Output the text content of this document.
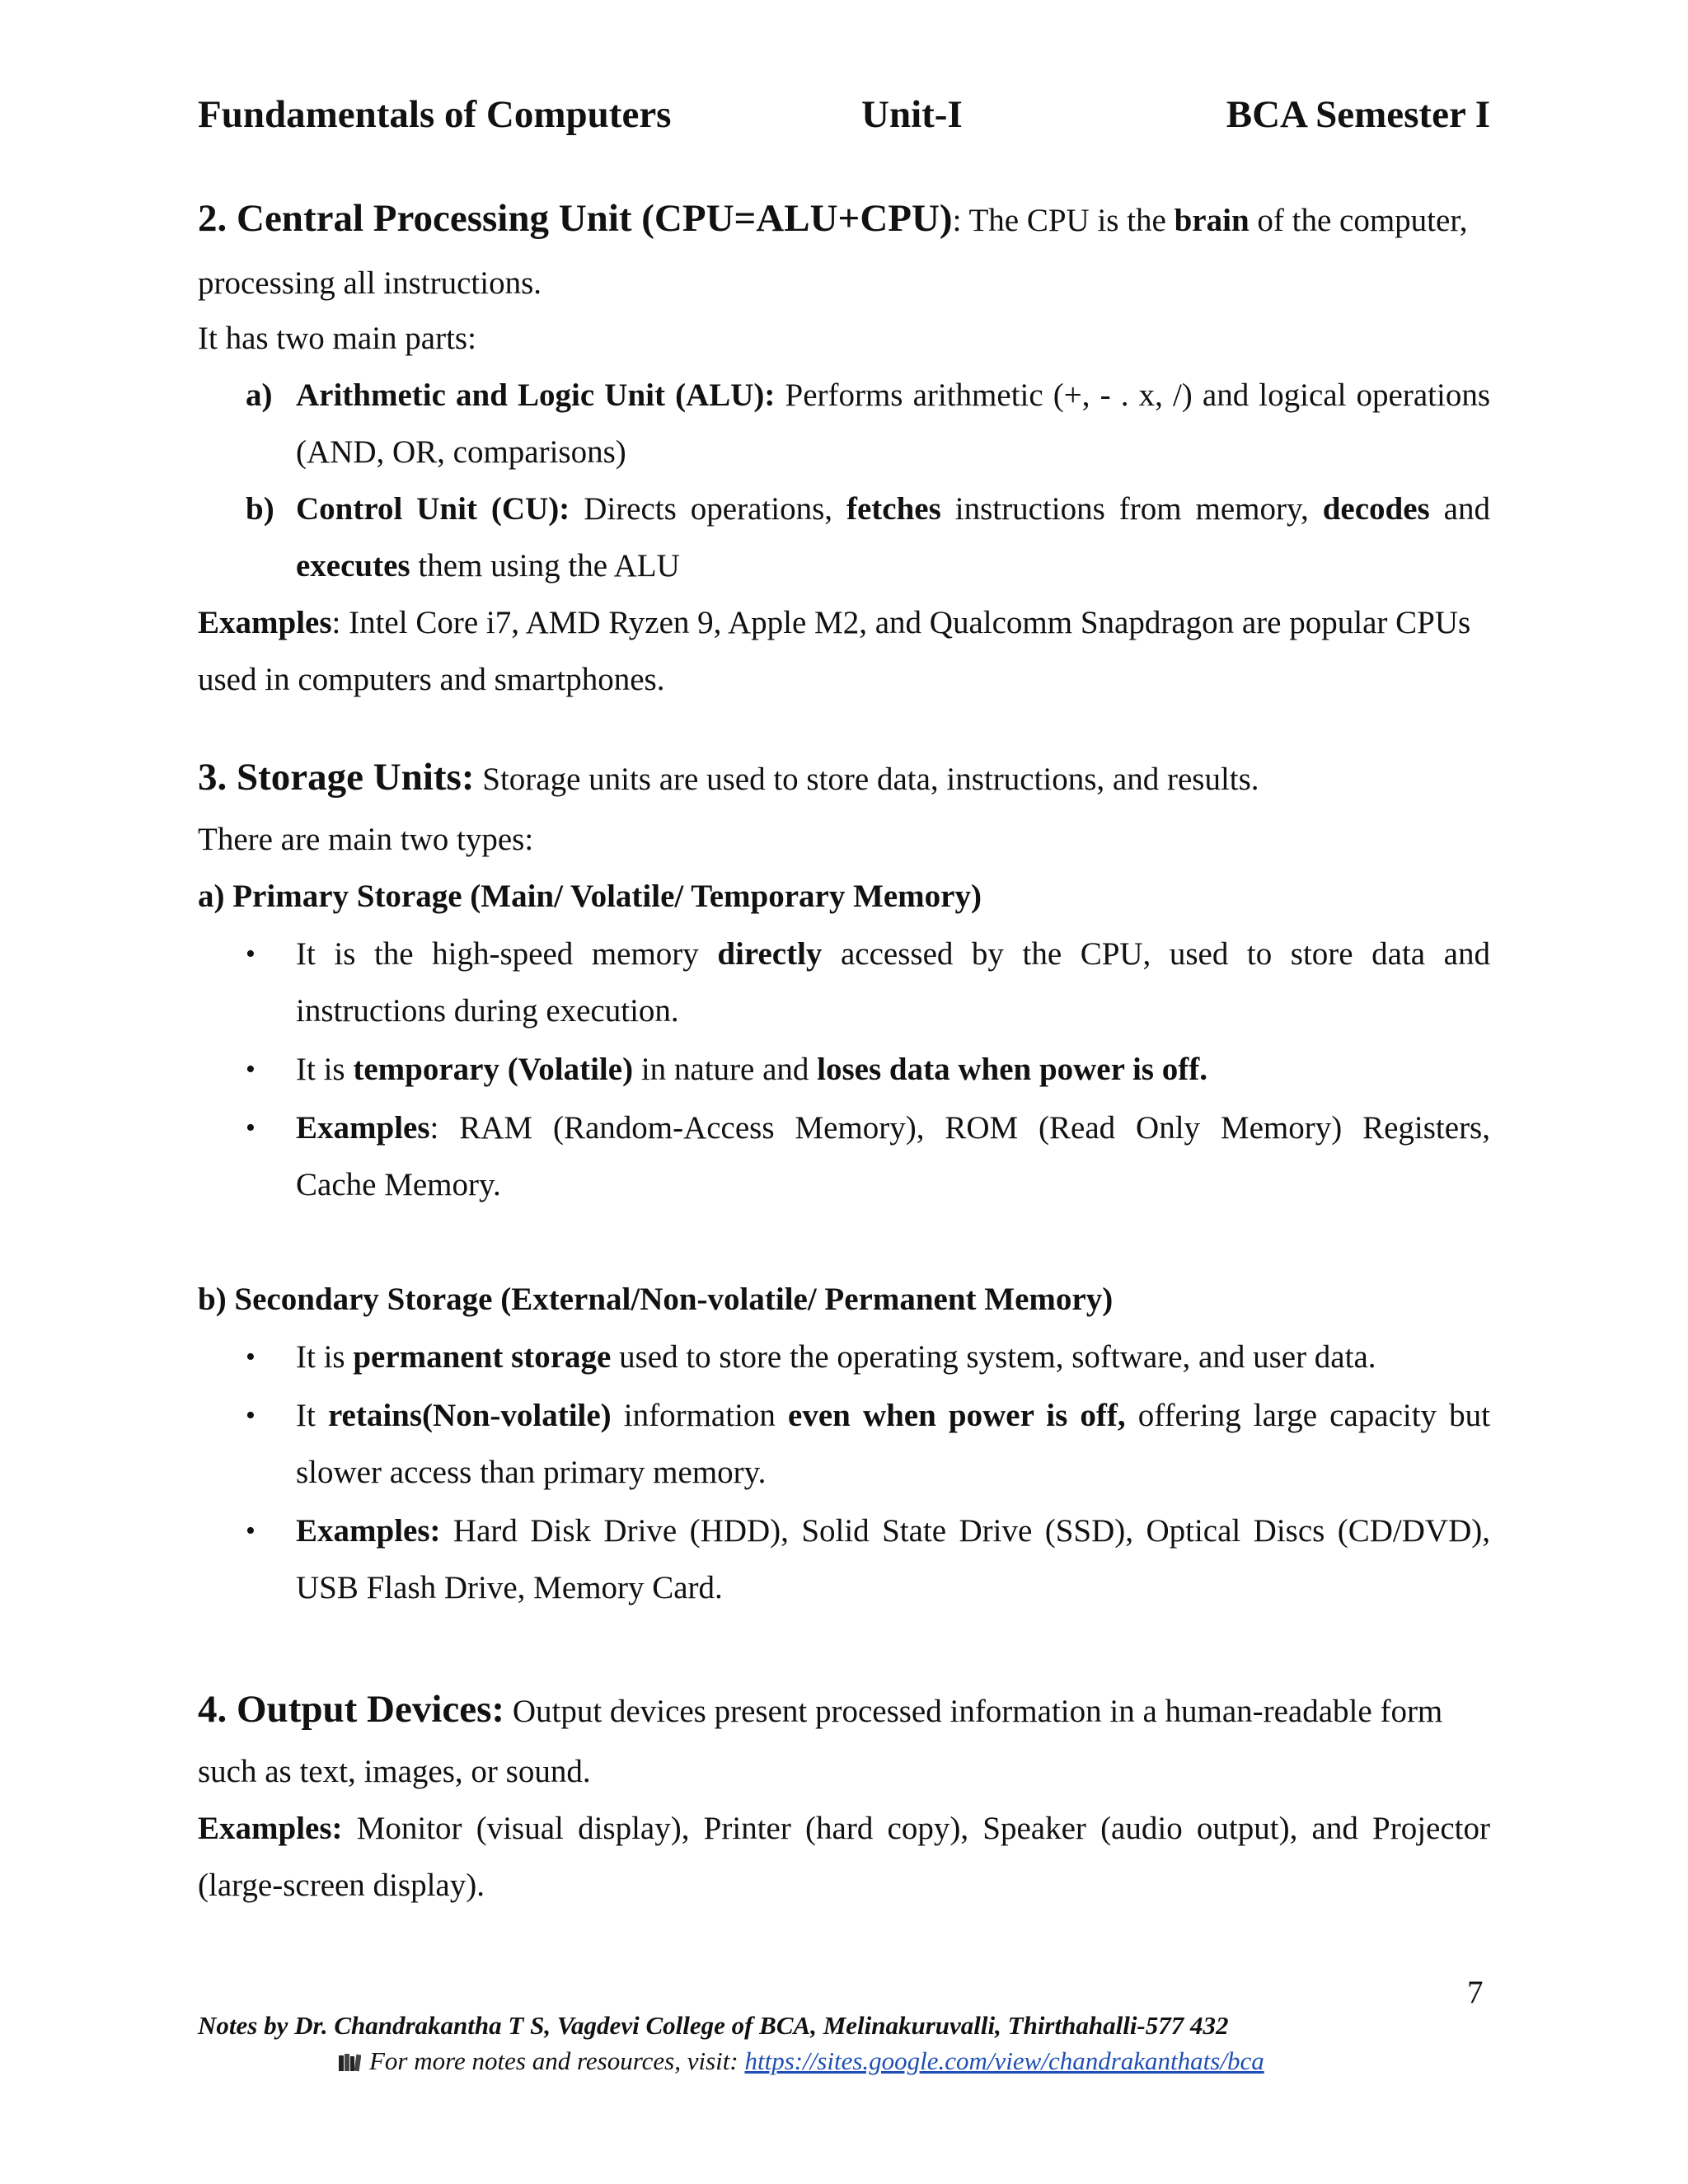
Fundamentals of Computers	Unit-I	BCA Semester I
2. Central Processing Unit (CPU=ALU+CPU): The CPU is the brain of the computer,
processing all instructions.
It has two main parts:
a) Arithmetic and Logic Unit (ALU): Performs arithmetic (+, - . x, /) and logical operations
(AND, OR, comparisons)
b) Control Unit (CU): Directs operations, fetches instructions from memory, decodes and
executes them using the ALU
Examples: Intel Core i7, AMD Ryzen 9, Apple M2, and Qualcomm Snapdragon are popular CPUs
used in computers and smartphones.
3. Storage Units: Storage units are used to store data, instructions, and results.
There are main two types:
a) Primary Storage (Main/ Volatile/ Temporary Memory)
• It is the high-speed memory directly accessed by the CPU, used to store data and
instructions during execution.
• It is temporary (Volatile) in nature and loses data when power is off.
• Examples: RAM (Random-Access Memory), ROM (Read Only Memory) Registers,
Cache Memory.
b) Secondary Storage (External/Non-volatile/ Permanent Memory)
• It is permanent storage used to store the operating system, software, and user data.
• It retains(Non-volatile) information even when power is off, offering large capacity but
slower access than primary memory.
• Examples: Hard Disk Drive (HDD), Solid State Drive (SSD), Optical Discs (CD/DVD),
USB Flash Drive, Memory Card.
4. Output Devices: Output devices present processed information in a human-readable form
such as text, images, or sound.
Examples: Monitor (visual display), Printer (hard copy), Speaker (audio output), and Projector
(large-screen display).
7
Notes by Dr. Chandrakantha T S, Vagdevi College of BCA, Melinakuruvalli, Thirthahalli-577 432
For more notes and resources, visit: https://sites.google.com/view/chandrakanthats/bca
